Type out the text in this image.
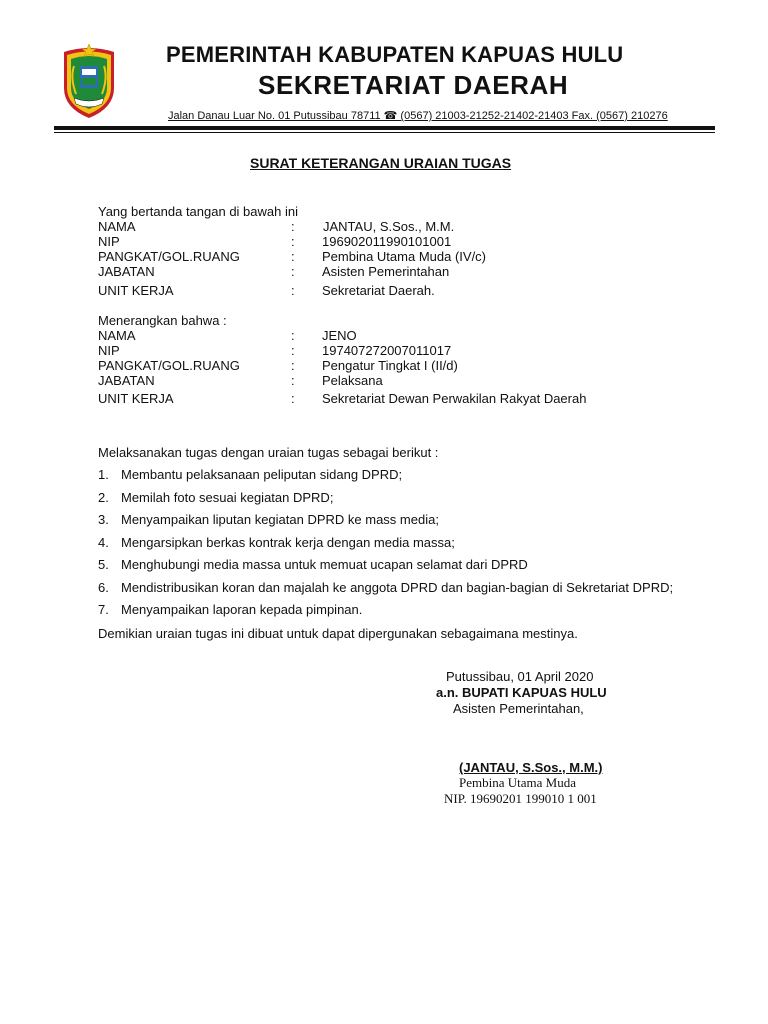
PEMERINTAH KABUPATEN KAPUAS HULU
SEKRETARIAT DAERAH
Jalan Danau Luar No. 01 Putussibau 78711 ☎ (0567) 21003-21252-21402-21403 Fax. (0567) 210276
SURAT KETERANGAN URAIAN TUGAS
Yang bertanda tangan di bawah ini
NAMA	: JANTAU, S.Sos., M.M.
NIP	: 196902011990101001
PANGKAT/GOL.RUANG	: Pembina Utama Muda (IV/c)
JABATAN	: Asisten Pemerintahan
UNIT KERJA	: Sekretariat Daerah.
Menerangkan bahwa :
NAMA	: JENO
NIP	: 197407272007011017
PANGKAT/GOL.RUANG	: Pengatur Tingkat I (II/d)
JABATAN	: Pelaksana
UNIT KERJA	: Sekretariat Dewan Perwakilan Rakyat Daerah
Melaksanakan tugas dengan uraian tugas sebagai berikut :
1. Membantu pelaksanaan peliputan sidang DPRD;
2. Memilah foto sesuai kegiatan DPRD;
3. Menyampaikan liputan kegiatan DPRD ke mass media;
4. Mengarsipkan berkas kontrak kerja dengan media massa;
5. Menghubungi media massa untuk memuat ucapan selamat dari DPRD
6. Mendistribusikan koran dan majalah ke anggota DPRD dan bagian-bagian di Sekretariat DPRD;
7. Menyampaikan laporan kepada pimpinan.
Demikian uraian tugas ini dibuat untuk dapat dipergunakan sebagaimana mestinya.
Putussibau, 01 April 2020
a.n. BUPATI KAPUAS HULU
Asisten Pemerintahan,
(JANTAU, S.Sos., M.M.)
Pembina Utama Muda
NIP. 19690201 199010 1 001
